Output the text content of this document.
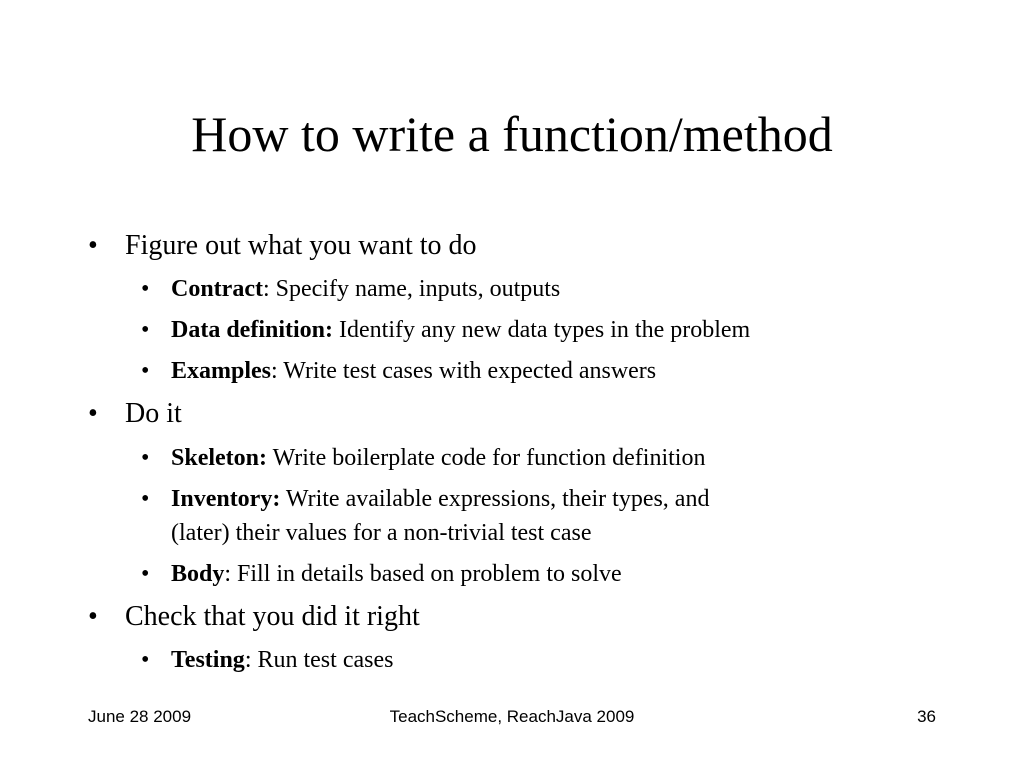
How to write a function/method
• Figure out what you want to do
• Contract: Specify name, inputs, outputs
• Data definition: Identify any new data types in the problem
• Examples: Write test cases with expected answers
• Do it
• Skeleton: Write boilerplate code for function definition
• Inventory: Write available expressions, their types, and
(later) their values for a non-trivial test case
• Body: Fill in details based on problem to solve
• Check that you did it right
• Testing: Run test cases
June 28 2009	TeachScheme, ReachJava 2009	36
